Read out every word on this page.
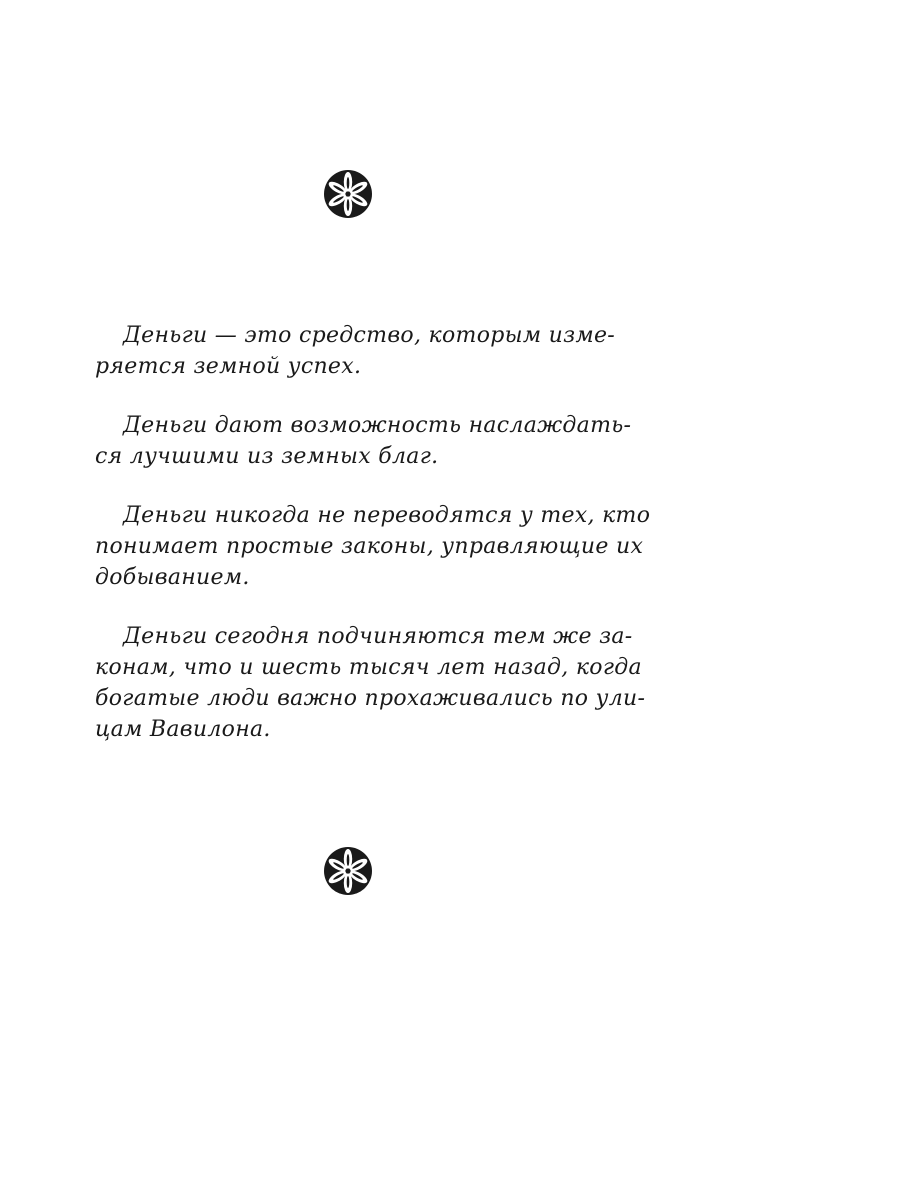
Деньги — это средство, которым изме-
ряется земной успех.

Деньги дают возможность наслаждать-
ся лучшими из земных благ.

Деньги никогда не переводятся у тех, кто
понимает простые законы, управляющие их
добыванием.

Деньги сегодня подчиняются тем же за-
конам, что и шесть тысяч лет назад, когда
богатые люди важно прохаживались по ули-
цам Вавилона.
